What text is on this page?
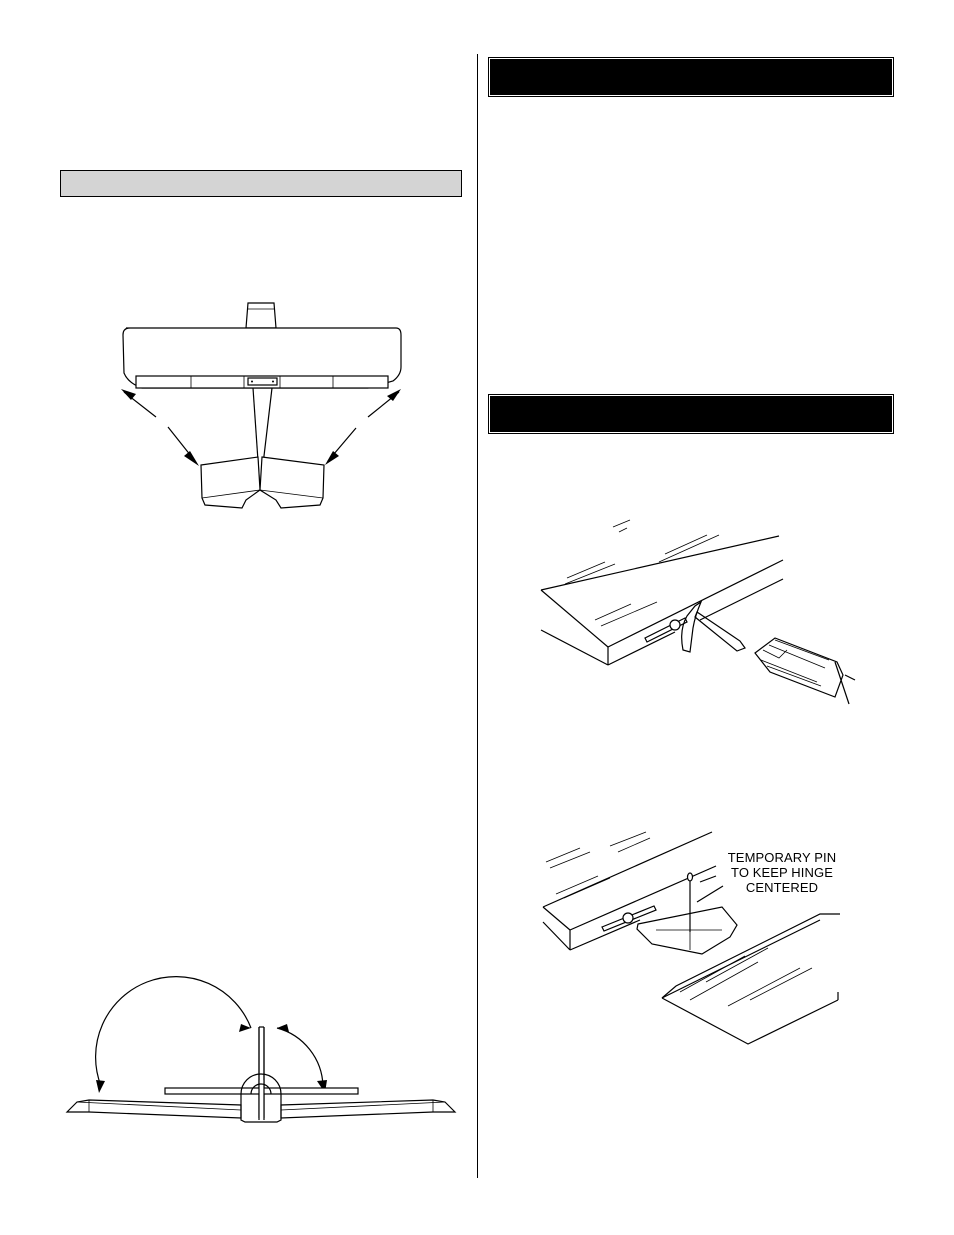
TEMPORARY PIN
TO KEEP HINGE
CENTERED
